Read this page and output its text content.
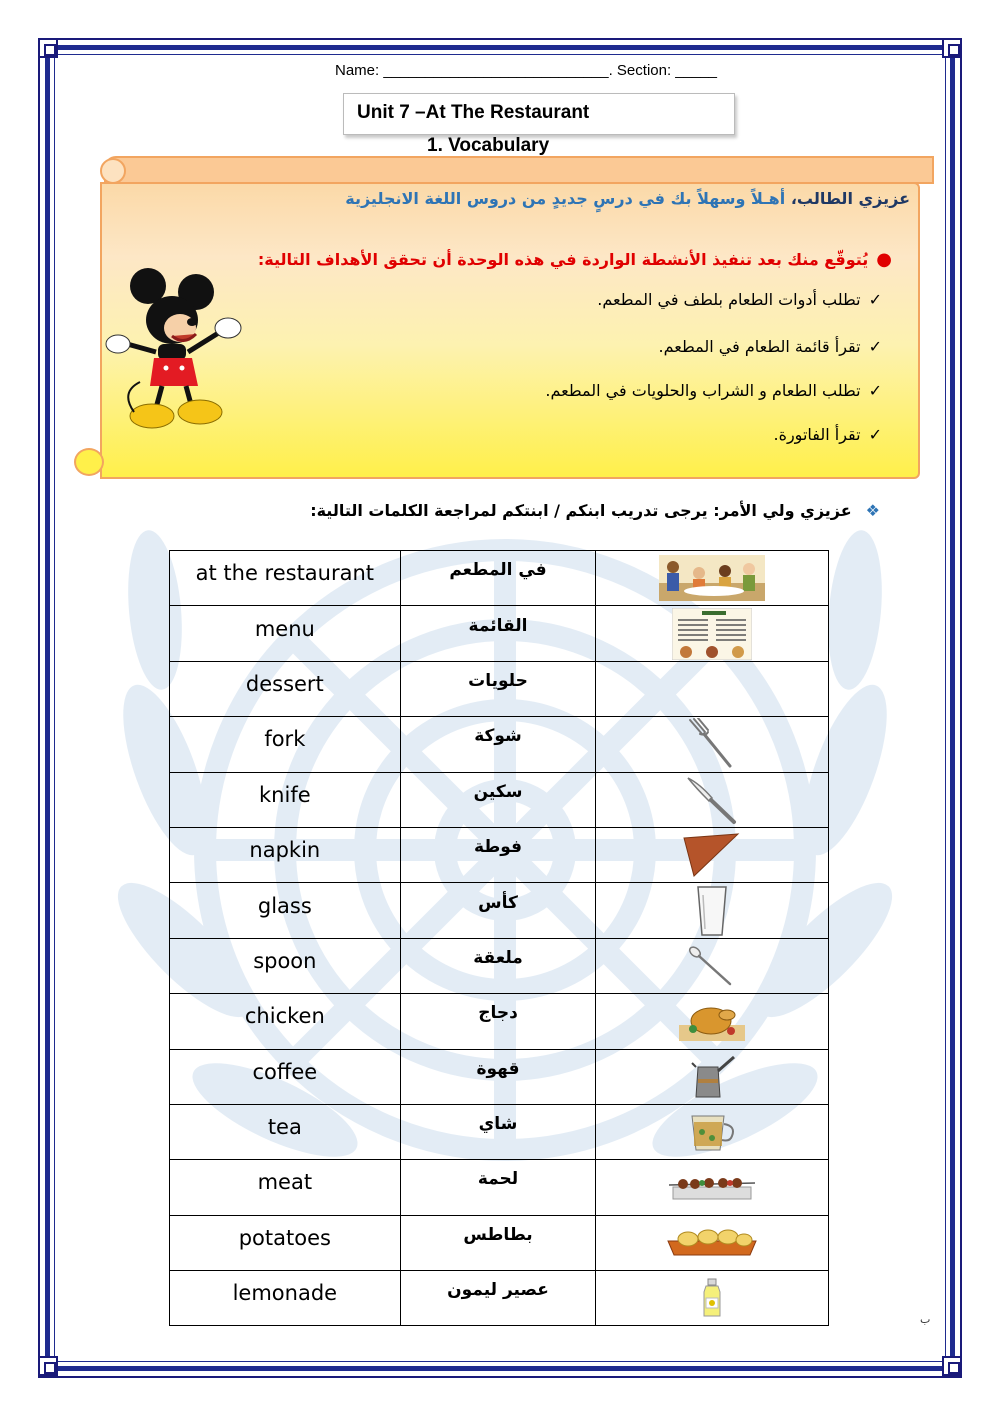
Name: ___________________________. Section: _____
Unit 7 –At The Restaurant
1. Vocabulary
عزيزي الطالب، أهـلاً وسهلاً بك في درسٍ جديدٍ من دروس اللغة الانجليزية
●يُتوقّع منك بعد تنفيذ الأنشطة الواردة في هذه الوحدة أن تحقق الأهداف التالية:
✓تطلب أدوات الطعام بلطف في المطعم.
✓تقرأ قائمة الطعام في المطعم.
✓تطلب الطعام و الشراب والحلويات في المطعم.
✓تقرأ الفاتورة.
❖عزيزي ولي الأمر: يرجى تدريب ابنكم / ابنتكم لمراجعة الكلمات التالية:
at the restaurant	في المطعم	

menu	القائمة	

dessert	حلويات	
fork	شوكة	

knife	سكين	

napkin	فوطة	

glass	كأس	

spoon	ملعقة	

chicken	دجاج	

coffee	قهوة	

tea	شاي	

meat	لحمة	

potatoes	بطاطس	

lemonade	عصير ليمون	
ب
